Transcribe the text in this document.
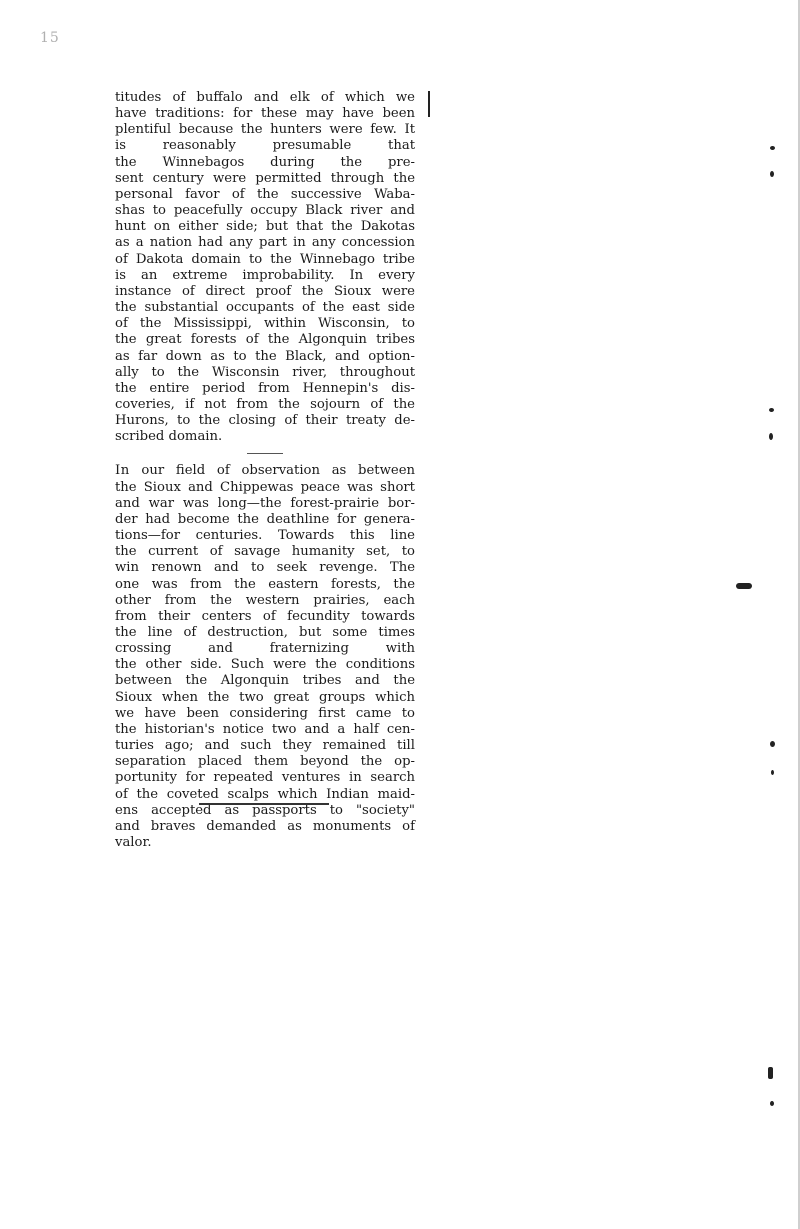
15

titudes of buffalo and elk of which we

have traditions: for these may have been

plentiful because the hunters were few. It

is reasonably presumable that

the Winnebagos during the pre-

sent century were permitted through the

personal favor of the successive Waba-

shas to peacefully occupy Black river and

hunt on either side; but that the Dakotas

as a nation had any part in any concession

of Dakota domain to the Winnebago tribe

is an extreme improbability. In every

instance of direct proof the Sioux were

the substantial occupants of the east side

of the Mississippi, within Wisconsin, to

the great forests of the Algonquin tribes

as far down as to the Black, and option-

ally to the Wisconsin river, throughout

the entire period from Hennepin's dis-

coveries, if not from the sojourn of the

Hurons, to the closing of their treaty de-

scribed domain.

In our field of observation as between

the Sioux and Chippewas peace was short

and war was long—the forest-prairie bor-

der had become the deathline for genera-

tions—for centuries. Towards this line

the current of savage humanity set, to

win renown and to seek revenge. The

one was from the eastern forests, the

other from the western prairies, each

from their centers of fecundity towards

the line of destruction, but some times

crossing and fraternizing with

the other side. Such were the conditions

between the Algonquin tribes and the

Sioux when the two great groups which

we have been considering first came to

the historian's notice two and a half cen-

turies ago; and such they remained till

separation placed them beyond the op-

portunity for repeated ventures in search

of the coveted scalps which Indian maid-

ens accepted as passports to "society"

and braves demanded as monuments of

valor.
